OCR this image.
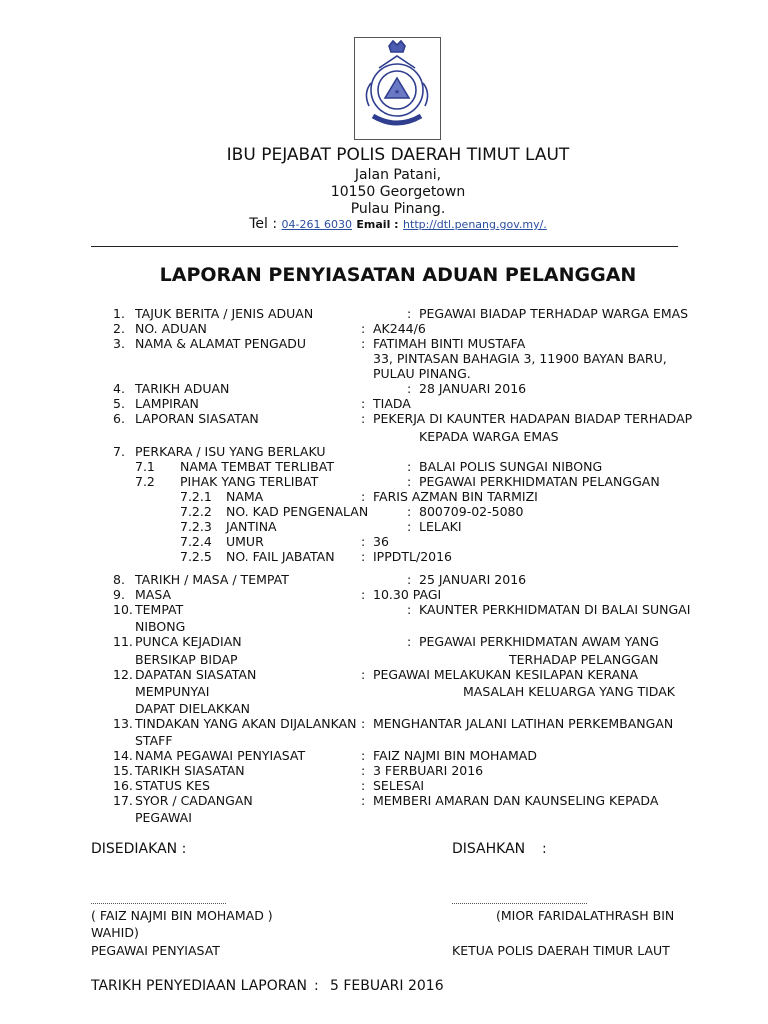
★
IBU PEJABAT POLIS DAERAH TIMUT LAUT
Jalan Patani,
10150 Georgetown
Pulau Pinang.
Tel : 04-261 6030 Email : http://dtl.penang.gov.my/.
LAPORAN PENYIASATAN ADUAN PELANGGAN
1. TAJUK BERITA / JENIS ADUAN	: PEGAWAI BIADAP TERHADAP WARGA EMAS
2. NO. ADUAN	: AK244/6
3. NAMA & ALAMAT PENGADU	: FATIMAH BINTI MUSTAFA
33, PINTASAN BAHAGIA 3, 11900 BAYAN BARU,
PULAU PINANG.
4. TARIKH ADUAN	: 28 JANUARI 2016
5. LAMPIRAN	: TIADA
6. LAPORAN SIASATAN	: PEKERJA DI KAUNTER HADAPAN BIADAP TERHADAP
KEPADA WARGA EMAS
7. PERKARA / ISU YANG BERLAKU
7.1 NAMA TEMBAT TERLIBAT	: BALAI POLIS SUNGAI NIBONG
7.2 PIHAK YANG TERLIBAT	: PEGAWAI PERKHIDMATAN PELANGGAN
7.2.1 NAMA	: FARIS AZMAN BIN TARMIZI
7.2.2 NO. KAD PENGENALAN	: 800709-02-5080
7.2.3 JANTINA	: LELAKI
7.2.4 UMUR	: 36
7.2.5 NO. FAIL JABATAN : IPPDTL/2016
8. TARIKH / MASA / TEMPAT	: 25 JANUARI 2016
9. MASA	: 10.30 PAGI
10. TEMPAT	: KAUNTER PERKHIDMATAN DI BALAI SUNGAI
NIBONG
11. PUNCA KEJADIAN	: PEGAWAI PERKHIDMATAN AWAM YANG
BERSIKAP BIDAP	TERHADAP PELANGGAN
12. DAPATAN SIASATAN	: PEGAWAI MELAKUKAN KESILAPAN KERANA
MEMPUNYAI	MASALAH KELUARGA YANG TIDAK
DAPAT DIELAKKAN
13. TINDAKAN YANG AKAN DIJALANKAN : MENGHANTAR JALANI LATIHAN PERKEMBANGAN
STAFF
14. NAMA PEGAWAI PENYIASAT	: FAIZ NAJMI BIN MOHAMAD
15. TARIKH SIASATAN	: 3 FERBUARI 2016
16. STATUS KES	: SELESAI
17. SYOR / CADANGAN	: MEMBERI AMARAN DAN KAUNSELING KEPADA
PEGAWAI
DISEDIAKAN :	DISAHKAN :
( FAIZ NAJMI BIN MOHAMAD )	(MIOR FARIDALATHRASH BIN
WAHID)
PEGAWAI PENYIASAT	KETUA POLIS DAERAH TIMUR LAUT
TARIKH PENYEDIAAN LAPORAN : 5 FEBUARI 2016
